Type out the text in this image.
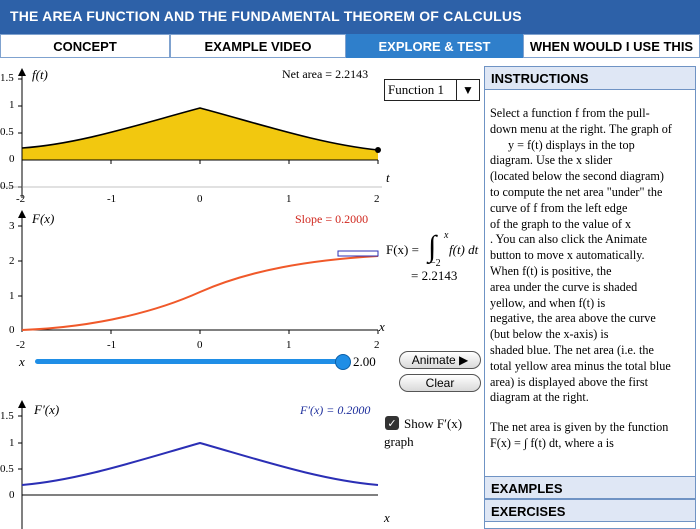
THE AREA FUNCTION AND THE FUNDAMENTAL THEOREM OF CALCULUS
CONCEPT	EXAMPLE VIDEO	EXPLORE & TEST	WHEN WOULD I USE THIS
1.5
1
0.5
0
0.5
f(t)	Net area = 2.2143
t
-2	-1	0	1	2
Function 1	▼
3
2
1
0
F(x)	Slope = 0.2000
x
-2	-1	0	1	2
F(x) = ∫ x
−2
f(t) dt
= 2.2143
x	2.00	Animate ▶
Clear
✓ Show F′(x)
graph
1.5
1
0.5
0
F′(x)	F′(x) = 0.2000
x
INSTRUCTIONS
Select a function f from the pull-
down menu at the right. The graph of
y = f(t) displays in the top
diagram. Use the x slider
(located below the second diagram)
to compute the net area "under" the
curve of f from the left edge
of the graph to the value of x
. You can also click the Animate
button to move x automatically.
When f(t) is positive, the
area under the curve is shaded
yellow, and when f(t) is
negative, the area above the curve
(but below the x-axis) is
shaded blue. The net area (i.e. the
total yellow area minus the total blue
area) is displayed above the first
diagram at the right.
The net area is given by the function
F(x) = ∫ f(t) dt, where a is
EXAMPLES
EXERCISES
